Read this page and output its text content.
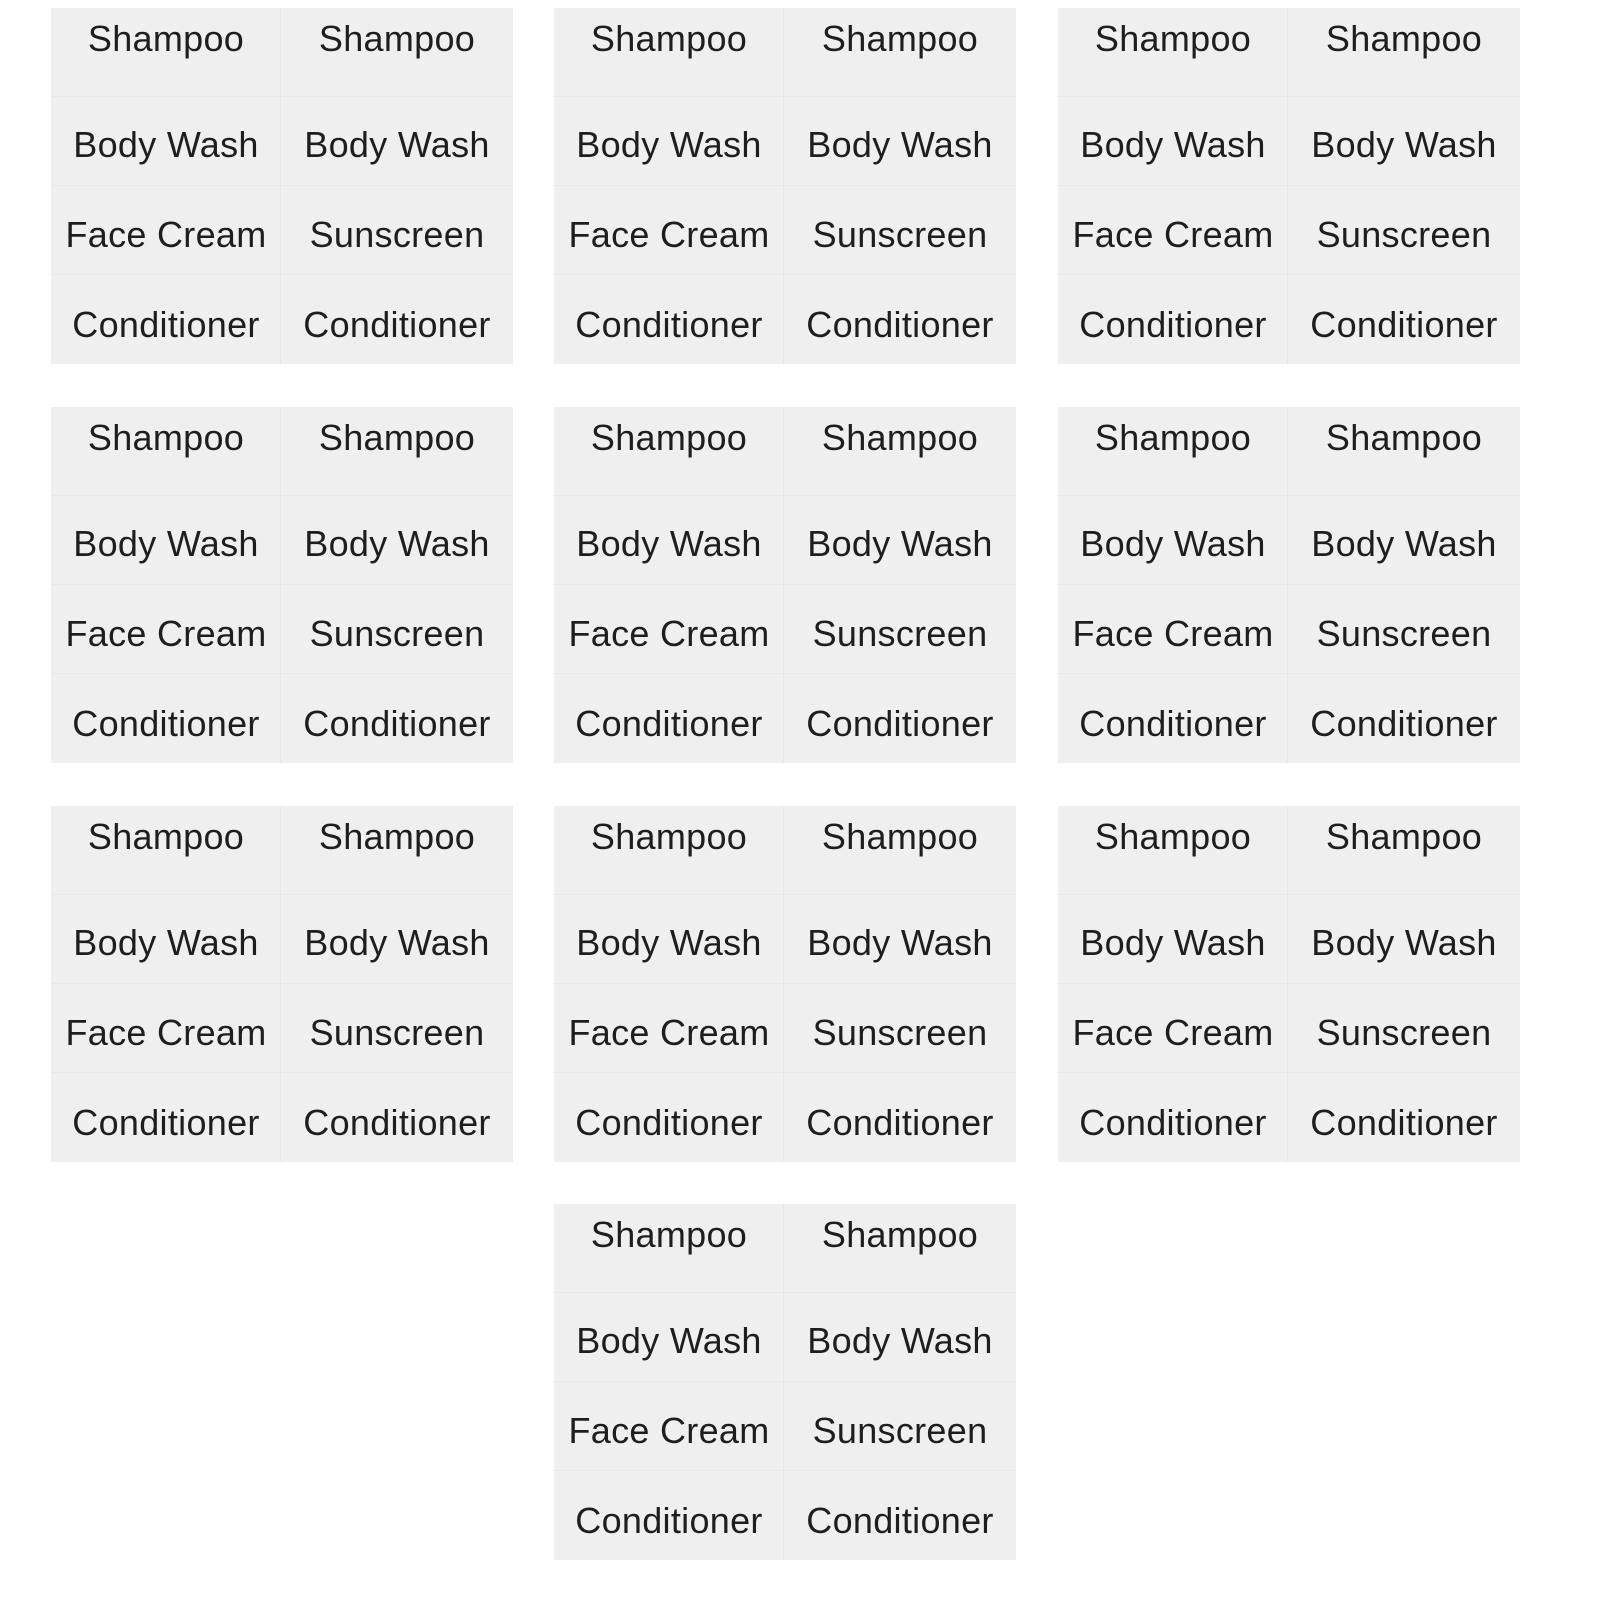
Shampoo	Shampoo
Body Wash	Body Wash
Face Cream	Sunscreen
Conditioner	Conditioner
Shampoo	Shampoo
Body Wash	Body Wash
Face Cream	Sunscreen
Conditioner	Conditioner
Shampoo	Shampoo
Body Wash	Body Wash
Face Cream	Sunscreen
Conditioner	Conditioner
Shampoo	Shampoo
Body Wash	Body Wash
Face Cream	Sunscreen
Conditioner	Conditioner
Shampoo	Shampoo
Body Wash	Body Wash
Face Cream	Sunscreen
Conditioner	Conditioner
Shampoo	Shampoo
Body Wash	Body Wash
Face Cream	Sunscreen
Conditioner	Conditioner
Shampoo	Shampoo
Body Wash	Body Wash
Face Cream	Sunscreen
Conditioner	Conditioner
Shampoo	Shampoo
Body Wash	Body Wash
Face Cream	Sunscreen
Conditioner	Conditioner
Shampoo	Shampoo
Body Wash	Body Wash
Face Cream	Sunscreen
Conditioner	Conditioner
Shampoo	Shampoo
Body Wash	Body Wash
Face Cream	Sunscreen
Conditioner	Conditioner
